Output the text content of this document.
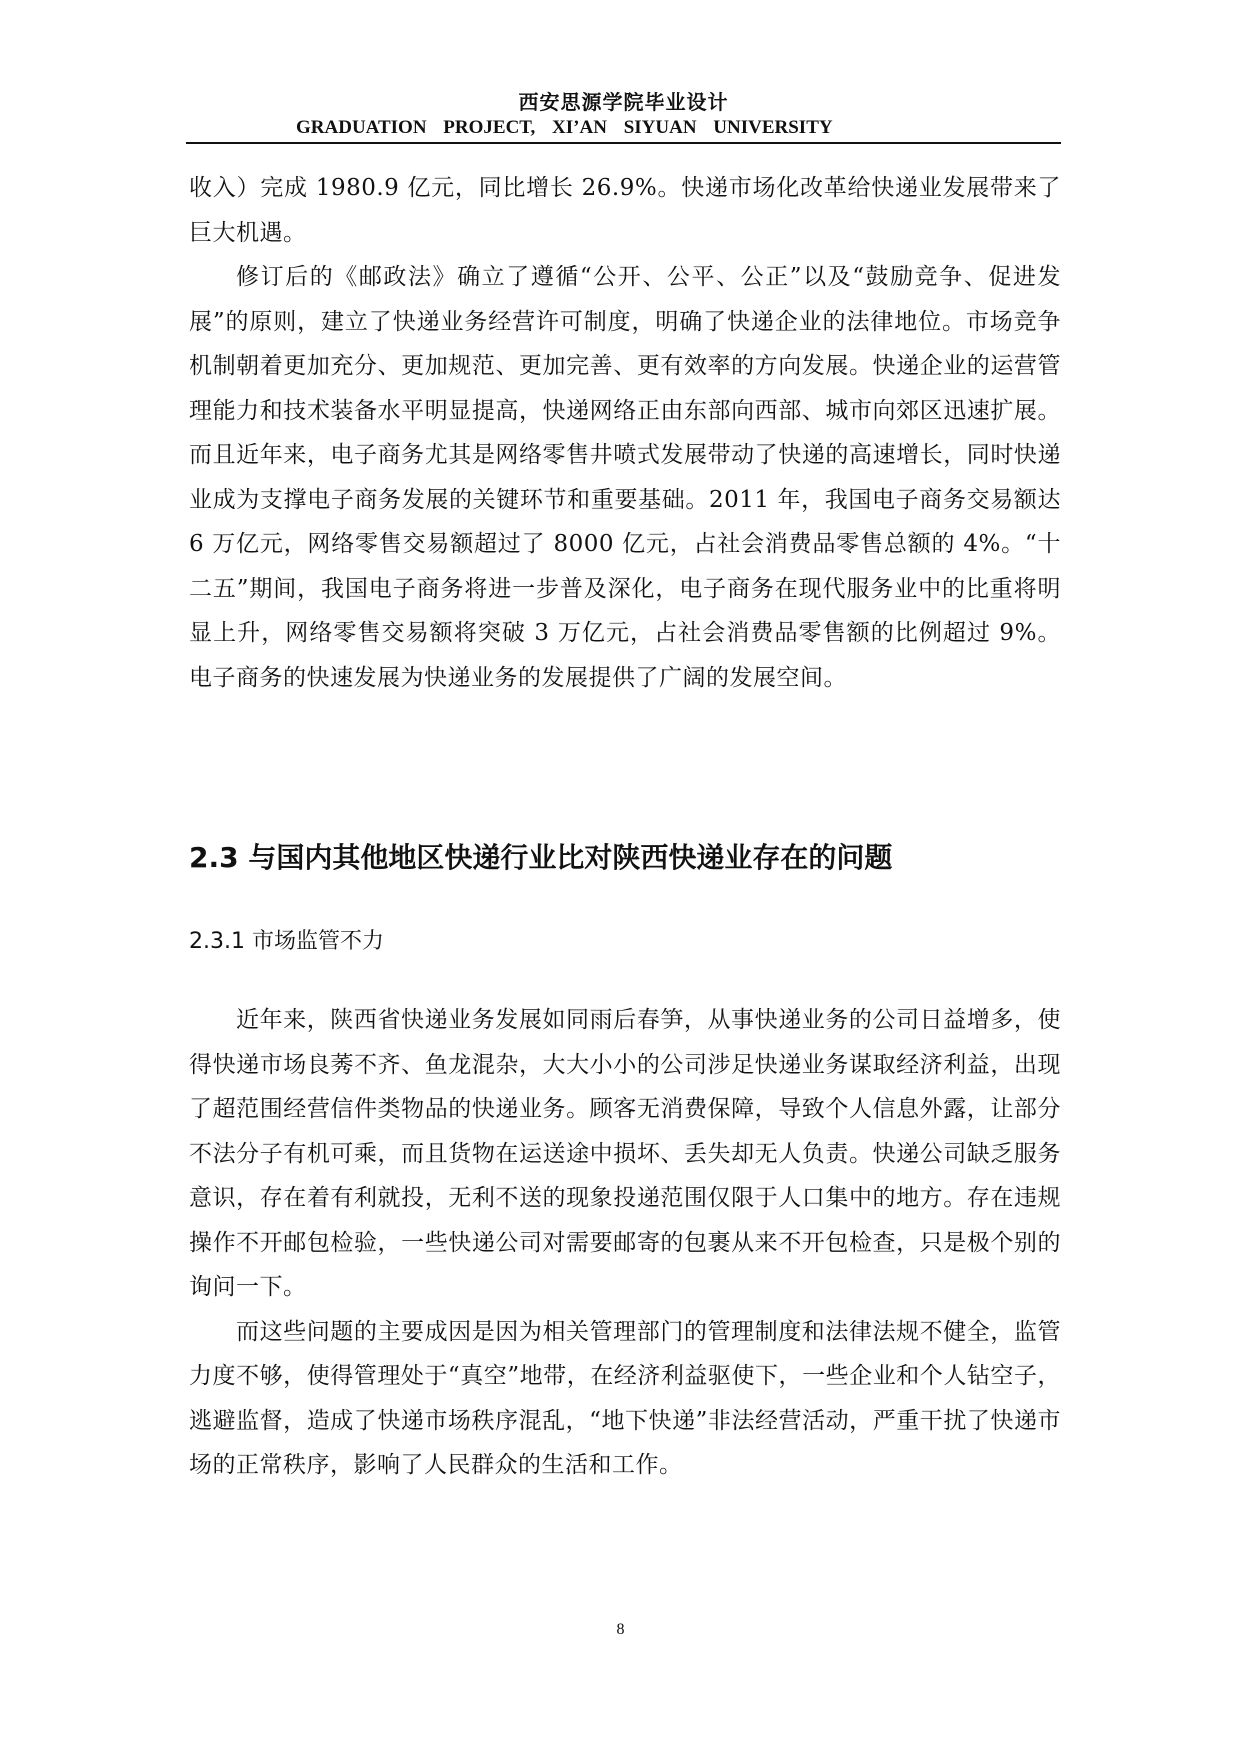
西安思源学院毕业设计
GRADUATION PROJECT, XI’AN SIYUAN UNIVERSITY

收入）完成 1980.9 亿元，同比增长 26.9%。快递市场化改革给快递业发展带来了巨大机遇。

修订后的《邮政法》确立了遵循“公开、公平、公正”以及“鼓励竞争、促进发展”的原则，建立了快递业务经营许可制度，明确了快递企业的法律地位。市场竞争机制朝着更加充分、更加规范、更加完善、更有效率的方向发展。快递企业的运营管理能力和技术装备水平明显提高，快递网络正由东部向西部、城市向郊区迅速扩展。而且近年来，电子商务尤其是网络零售井喷式发展带动了快递的高速增长，同时快递业成为支撑电子商务发展的关键环节和重要基础。2011 年，我国电子商务交易额达 6 万亿元，网络零售交易额超过了 8000 亿元，占社会消费品零售总额的 4%。“十二五”期间，我国电子商务将进一步普及深化，电子商务在现代服务业中的比重将明显上升，网络零售交易额将突破 3 万亿元，占社会消费品零售额的比例超过 9%。电子商务的快速发展为快递业务的发展提供了广阔的发展空间。

2.3 与国内其他地区快递行业比对陕西快递业存在的问题
2.3.1 市场监管不力

近年来，陕西省快递业务发展如同雨后春笋，从事快递业务的公司日益增多，使得快递市场良莠不齐、鱼龙混杂，大大小小的公司涉足快递业务谋取经济利益，出现了超范围经营信件类物品的快递业务。顾客无消费保障，导致个人信息外露，让部分不法分子有机可乘，而且货物在运送途中损坏、丢失却无人负责。快递公司缺乏服务意识，存在着有利就投，无利不送的现象投递范围仅限于人口集中的地方。存在违规操作不开邮包检验，一些快递公司对需要邮寄的包裹从来不开包检查，只是极个别的询问一下。

而这些问题的主要成因是因为相关管理部门的管理制度和法律法规不健全，监管力度不够，使得管理处于“真空”地带，在经济利益驱使下，一些企业和个人钻空子，逃避监督，造成了快递市场秩序混乱，“地下快递”非法经营活动，严重干扰了快递市场的正常秩序，影响了人民群众的生活和工作。

8
